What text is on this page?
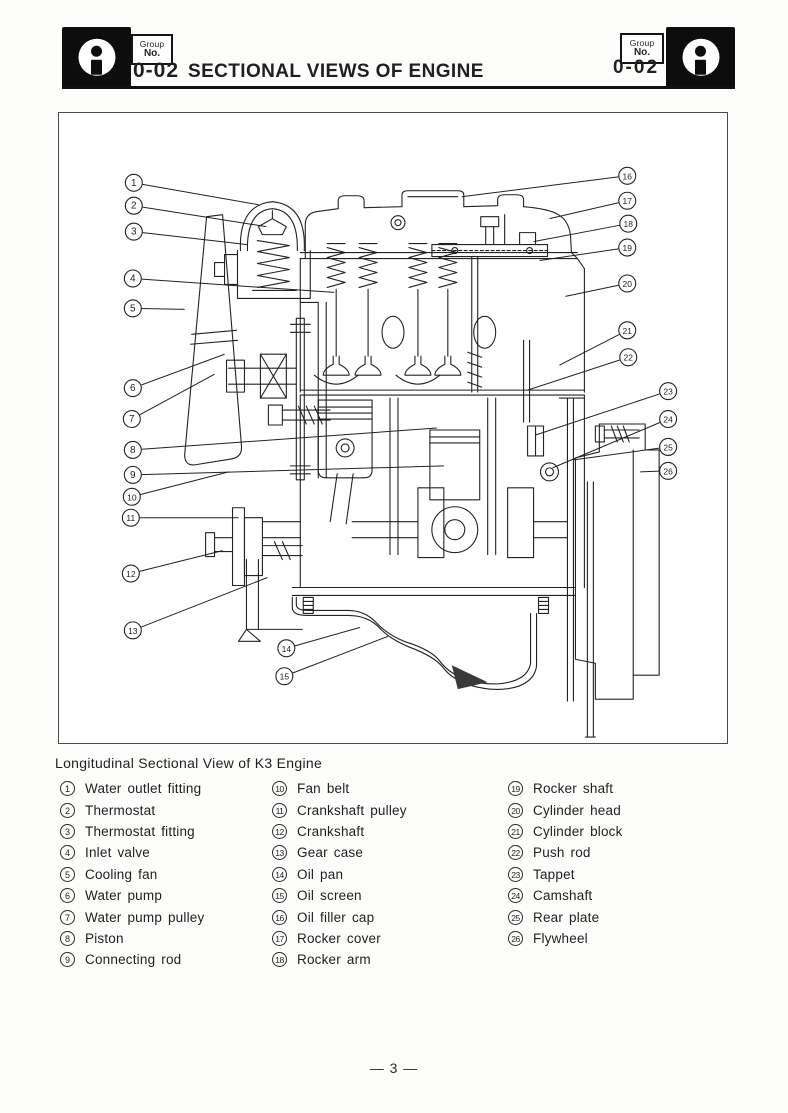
Group
No.
0-02 SECTIONAL VIEWS OF ENGINE
Group
No.
0-02
1
2
3
4
5
6
7
8
9
10
11
12
13
14
15
16
17
18
19
20
21
22
23
24
25
26
Longitudinal Sectional View of K3 Engine
1	Water outlet fitting
2	Thermostat
3	Thermostat fitting
4	Inlet valve
5	Cooling fan
6	Water pump
7	Water pump pulley
8	Piston
9	Connecting rod
10 Fan belt
11 Crankshaft pulley
12 Crankshaft
13 Gear case
14 Oil pan
15 Oil screen
16 Oil filler cap
17 Rocker cover
18 Rocker arm
19 Rocker shaft
20 Cylinder head
21 Cylinder block
22 Push rod
23 Tappet
24 Camshaft
25 Rear plate
26 Flywheel
— 3 —
